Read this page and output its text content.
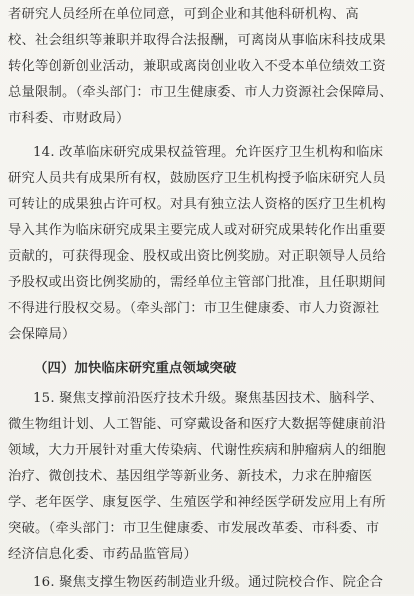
者研究人员经所在单位同意，可到企业和其他科研机构、高
校、社会组织等兼职并取得合法报酬，可离岗从事临床科技成果
转化等创新创业活动，兼职或离岗创业收入不受本单位绩效工资
总量限制。（牵头部门：市卫生健康委、市人力资源社会保障局、
市科委、市财政局）
14. 改革临床研究成果权益管理。允许医疗卫生机构和临床
研究人员共有成果所有权，鼓励医疗卫生机构授予临床研究人员
可转让的成果独占许可权。对具有独立法人资格的医疗卫生机构
导入其作为临床研究成果主要完成人或对研究成果转化作出重要
贡献的，可获得现金、股权或出资比例奖励。对正职领导人员给
予股权或出资比例奖励的，需经单位主管部门批准，且任职期间
不得进行股权交易。（牵头部门：市卫生健康委、市人力资源社
会保障局）
（四）加快临床研究重点领域突破
15. 聚焦支撑前沿医疗技术升级。聚焦基因技术、脑科学、
微生物组计划、人工智能、可穿戴设备和医疗大数据等健康前沿
领域，大力开展针对重大传染病、代谢性疾病和肿瘤病人的细胞
治疗、微创技术、基因组学等新业务、新技术，力求在肿瘤医
学、老年医学、康复医学、生殖医学和神经医学研发应用上有所
突破。（牵头部门：市卫生健康委、市发展改革委、市科委、市
经济信息化委、市药品监管局）
16. 聚焦支撑生物医药制造业升级。通过院校合作、院企合
